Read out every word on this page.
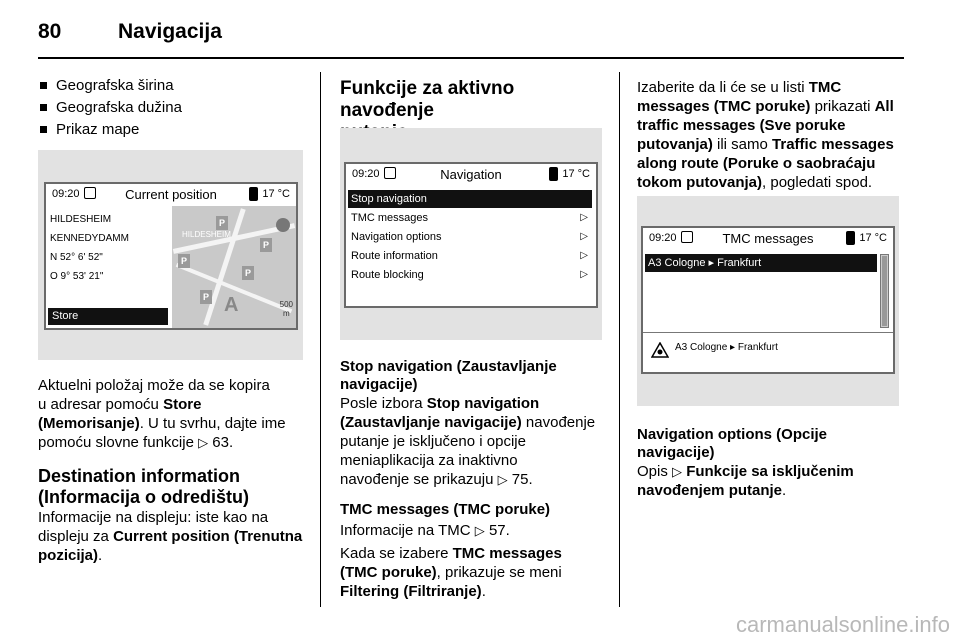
80	Navigacija
Geografska širina
Geografska dužina
Prikaz mape
09:20	Current position	17 °C
HILDESHEIM
KENNEDYDAMM
N 52° 6' 52"
O 9° 53' 21"
Store
HILDESHEIM
P
P
P
P
P A	500
m
Aktuelni položaj može da se kopira
u adresar pomoću Store
(Memorisanje). U tu svrhu, dajte ime
pomoću slovne funkcije ▷ 63.
Destination information
(Informacija o odredištu)
Informacije na displeju: iste kao na
displeju za Current position (Trenutna
pozicija).
Funkcije za aktivno navođenje
09:20	Navigation	17 °C
Stop navigation
TMC messages	▷
Navigation options	▷
Route information	▷
Route blocking	▷
Stop navigation (Zaustavljanje
navigacije)
Posle izbora Stop navigation
(Zaustavljanje navigacije) navođenje
putanje je isključeno i opcije
meniaplikacija za inaktivno
navođenje se prikazuju ▷ 75.
TMC messages (TMC poruke)
Informacije na TMC ▷ 57.
Kada se izabere TMC messages
(TMC poruke), prikazuje se meni
Filtering (Filtriranje).
Izaberite da li će se u listi TMC
messages (TMC poruke) prikazati All
traffic messages (Sve poruke
putovanja) ili samo Traffic messages
along route (Poruke o saobraćaju
tokom putovanja), pogledati spod.
09:20	TMC messages	17 °C
A3 Cologne ▸ Frankfurt
A3 Cologne ▸ Frankfurt
Navigation options (Opcije
navigacije)
Opis ▷ Funkcije sa isključenim
navođenjem putanje.
carmanualsonline.info
